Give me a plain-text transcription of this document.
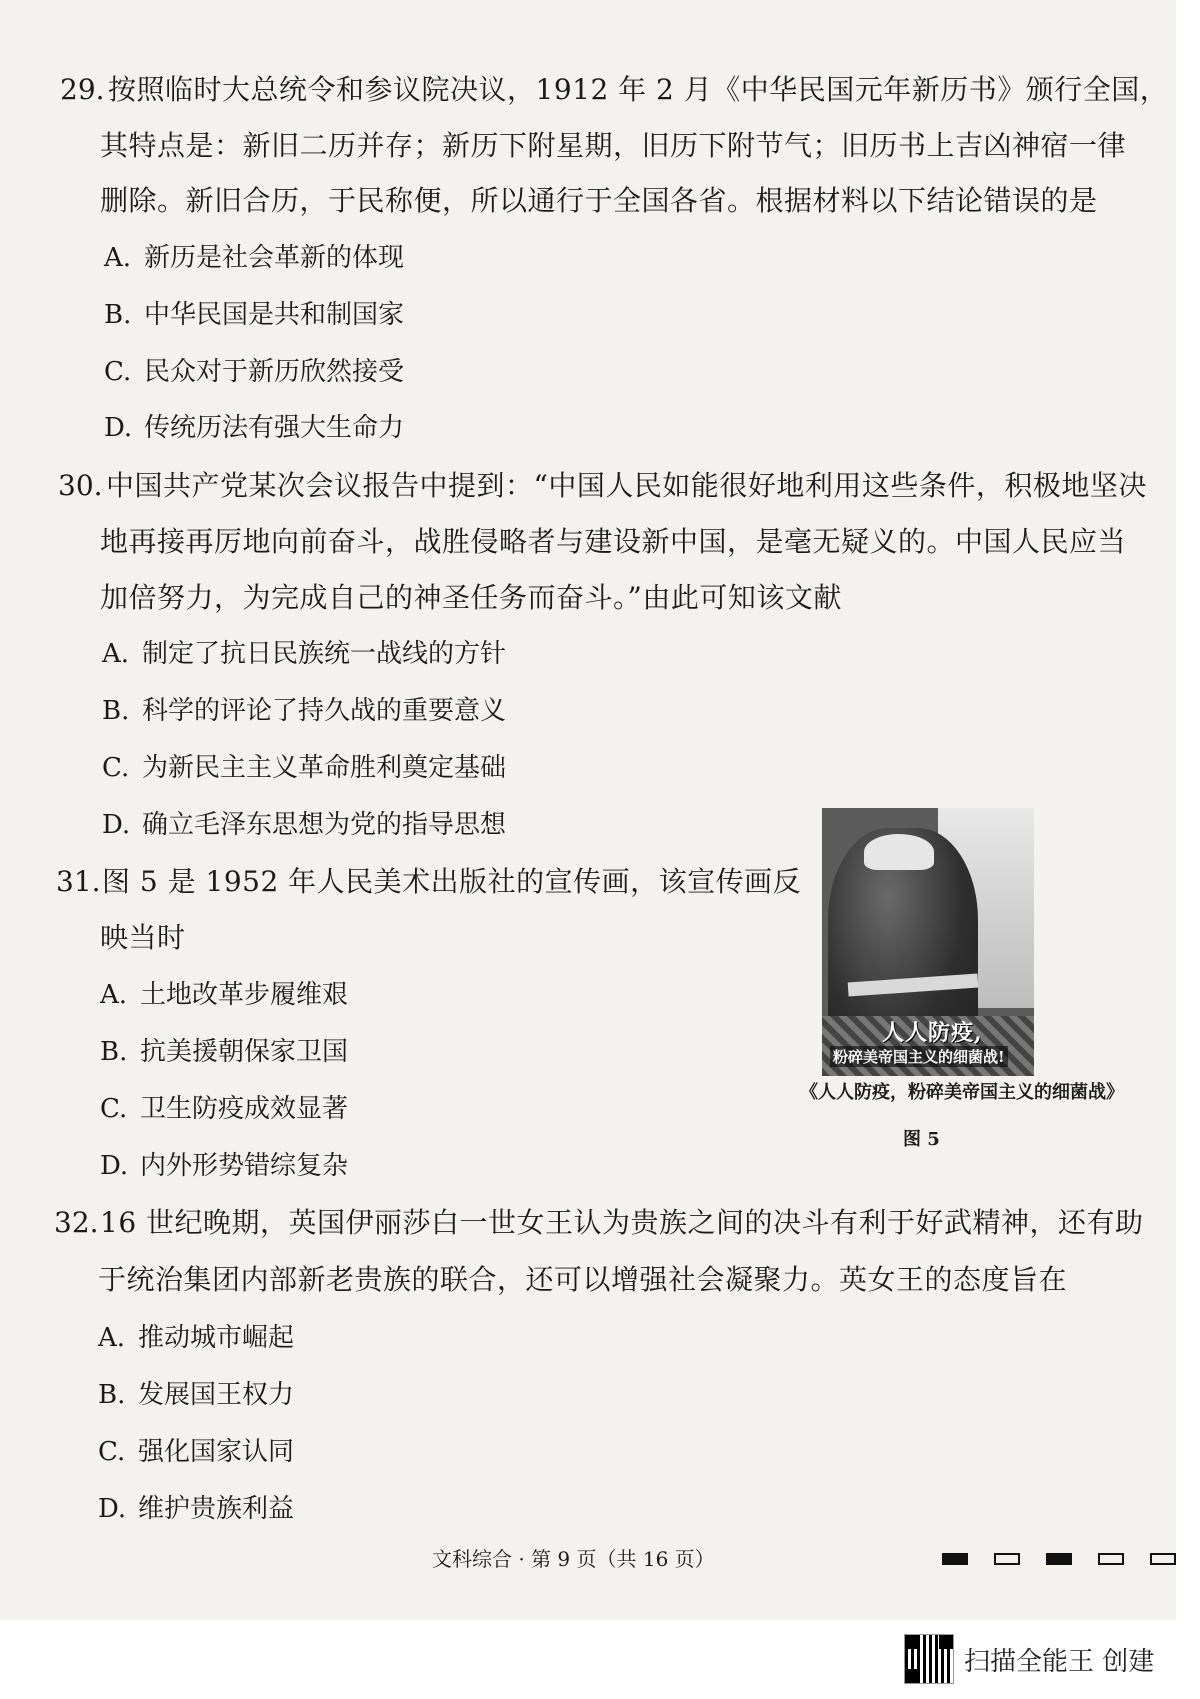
29. 按照临时大总统令和参议院决议，1912 年 2 月《中华民国元年新历书》颁行全国，
其特点是：新旧二历并存；新历下附星期，旧历下附节气；旧历书上吉凶神宿一律
删除。新旧合历，于民称便，所以通行于全国各省。根据材料以下结论错误的是
A. 新历是社会革新的体现
B. 中华民国是共和制国家
C. 民众对于新历欣然接受
D. 传统历法有强大生命力
30. 中国共产党某次会议报告中提到：“中国人民如能很好地利用这些条件，积极地坚决
地再接再厉地向前奋斗，战胜侵略者与建设新中国，是毫无疑义的。中国人民应当
加倍努力，为完成自己的神圣任务而奋斗。”由此可知该文献
A. 制定了抗日民族统一战线的方针
B. 科学的评论了持久战的重要意义
C. 为新民主主义革命胜利奠定基础
D. 确立毛泽东思想为党的指导思想
31. 图 5 是 1952 年人民美术出版社的宣传画，该宣传画反
映当时
A. 土地改革步履维艰
B. 抗美援朝保家卫国
C. 卫生防疫成效显著
D. 内外形势错综复杂
人人防疫,
粉碎美帝国主义的细菌战!
《人人防疫，粉碎美帝国主义的细菌战》
图 5
32. 16 世纪晚期，英国伊丽莎白一世女王认为贵族之间的决斗有利于好武精神，还有助
于统治集团内部新老贵族的联合，还可以增强社会凝聚力。英女王的态度旨在
A. 推动城市崛起
B. 发展国王权力
C. 强化国家认同
D. 维护贵族利益
文科综合 · 第 9 页（共 16 页）
扫描全能王 创建
